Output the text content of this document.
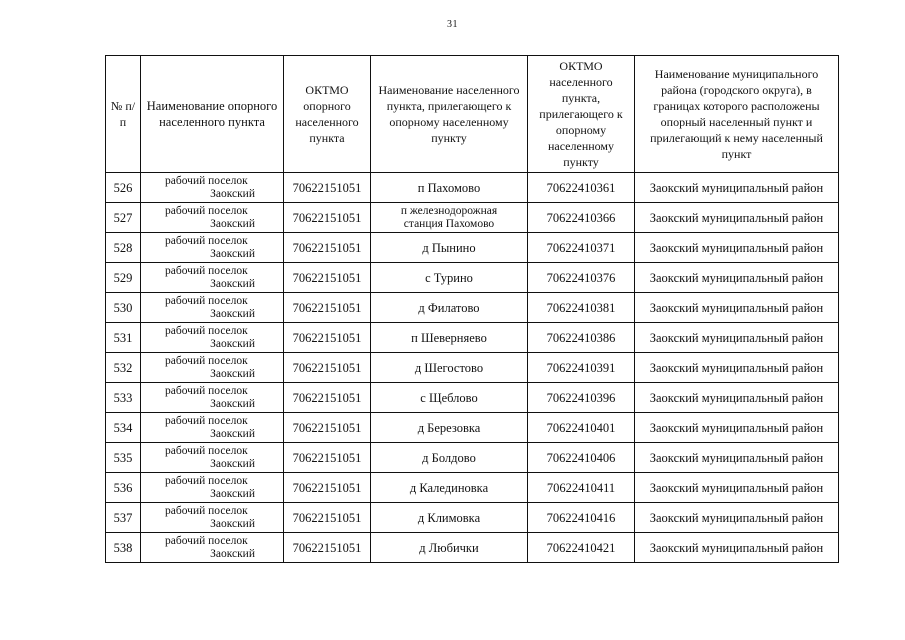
31
№ п/п	Наименование опорного населенного пункта	ОКТМО опорного населенного пункта	Наименование населенного пункта, прилегающего к опорному населенному пункту	ОКТМО населенного пункта, прилегающего к опорному населенному пункту	Наименование муниципального района (городского округа), в границах которого расположены опорный населенный пункт и прилегающий к нему населенный пункт
526	рабочий поселок
Заокский	70622151051	п Пахомово	70622410361	Заокский муниципальный район
527	рабочий поселок
Заокский	70622151051	п железнодорожная
станция Пахомово	70622410366	Заокский муниципальный район
528	рабочий поселок
Заокский	70622151051	д Пынино	70622410371	Заокский муниципальный район
529	рабочий поселок
Заокский	70622151051	с Турино	70622410376	Заокский муниципальный район
530	рабочий поселок
Заокский	70622151051	д Филатово	70622410381	Заокский муниципальный район
531	рабочий поселок
Заокский	70622151051	п Шеверняево	70622410386	Заокский муниципальный район
532	рабочий поселок
Заокский	70622151051	д Шегостово	70622410391	Заокский муниципальный район
533	рабочий поселок
Заокский	70622151051	с Щеблово	70622410396	Заокский муниципальный район
534	рабочий поселок
Заокский	70622151051	д Березовка	70622410401	Заокский муниципальный район
535	рабочий поселок
Заокский	70622151051	д Болдово	70622410406	Заокский муниципальный район
536	рабочий поселок
Заокский	70622151051	д Калединовка	70622410411	Заокский муниципальный район
537	рабочий поселок
Заокский	70622151051	д Климовка	70622410416	Заокский муниципальный район
538	рабочий поселок
Заокский	70622151051	д Любички	70622410421	Заокский муниципальный район
